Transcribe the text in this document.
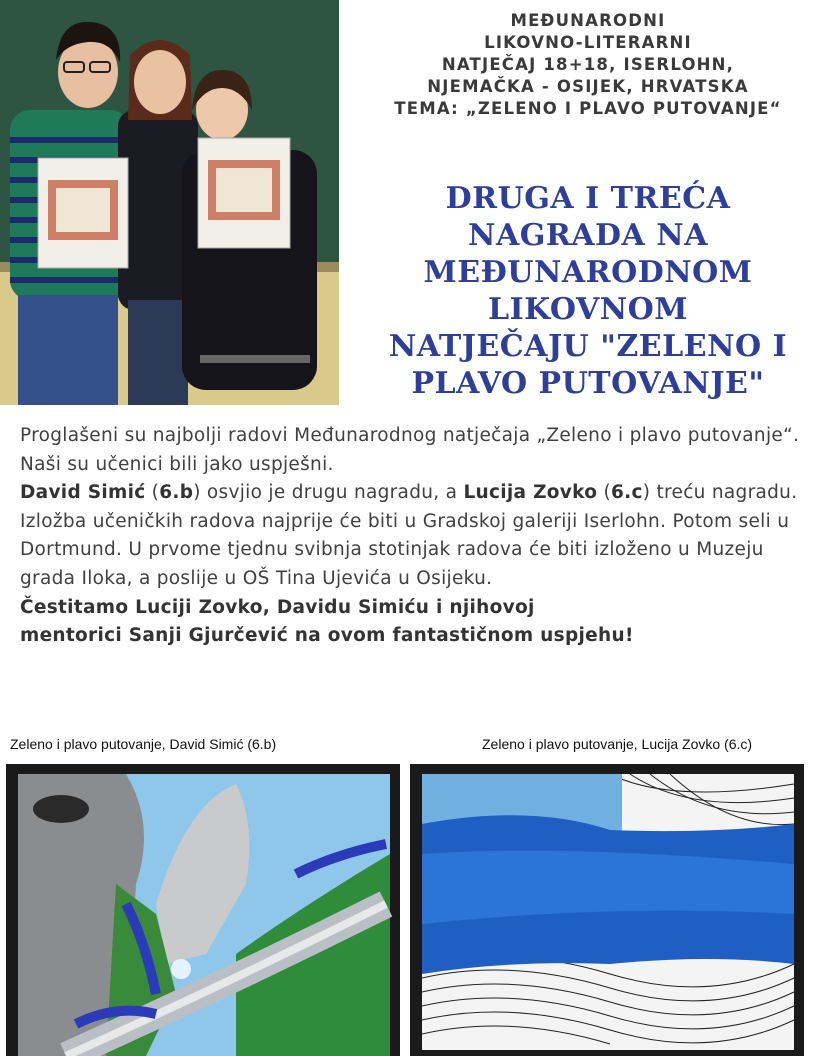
MEĐUNARODNI
LIKOVNO-LITERARNI
NATJEČAJ 18+18, ISERLOHN,
NJEMAČKA - OSIJEK, HRVATSKA
TEMA: „ZELENO I PLAVO PUTOVANJE“
DRUGA I TREĆA
NAGRADA NA
MEĐUNARODNOM
LIKOVNOM
NATJEČAJU "ZELENO I
PLAVO PUTOVANJE"

Proglašeni su najbolji radovi Međunarodnog natječaja „Zeleno i plavo putovanje“. Naši su učenici bili jako uspješni.

David Simić (6.b) osvjio je drugu nagradu, a Lucija Zovko (6.c) treću nagradu.

Izložba učeničkih radova najprije će biti u Gradskoj galeriji Iserlohn. Potom seli u Dortmund. U prvome tjednu svibnja stotinjak radova će biti izloženo u Muzeju grada Iloka, a poslije u OŠ Tina Ujevića u Osijeku.

Čestitamo Luciji Zovko, Davidu Simiću i njihovoj
mentorici Sanji Gjurčević na ovom fantastičnom uspjehu!

Zeleno i plavo putovanje, David Simić (6.b)	Zeleno i plavo putovanje, Lucija Zovko (6.c)
